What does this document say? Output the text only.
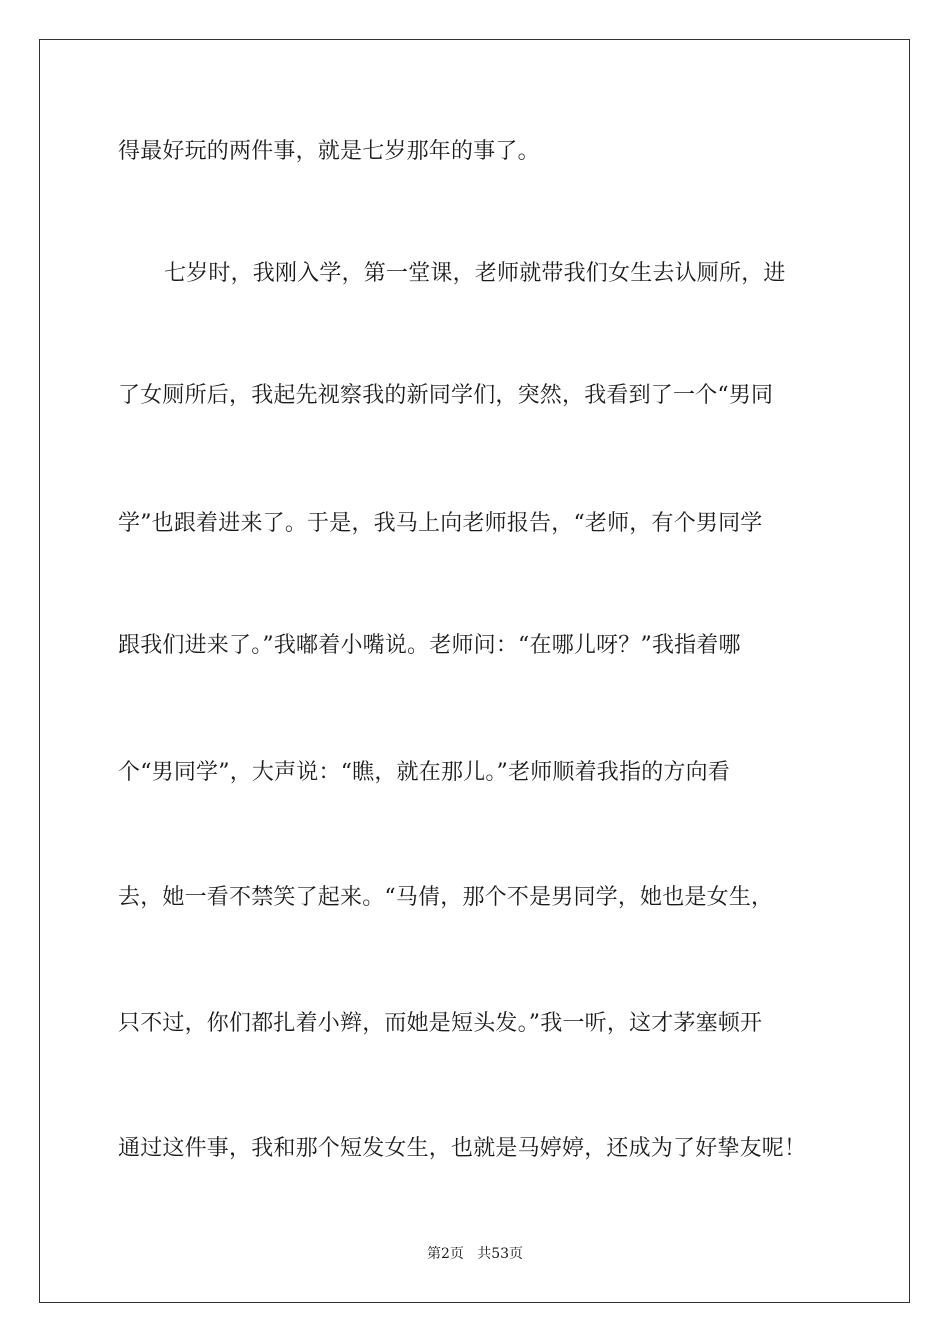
得最好玩的两件事，就是七岁那年的事了。
七岁时，我刚入学，第一堂课，老师就带我们女生去认厕所，进
了女厕所后，我起先视察我的新同学们，突然，我看到了一个“男同
学”也跟着进来了。于是，我马上向老师报告，“老师，有个男同学
跟我们进来了。”我嘟着小嘴说。老师问：“在哪儿呀？”我指着哪
个“男同学”，大声说：“瞧，就在那儿。”老师顺着我指的方向看
去，她一看不禁笑了起来。“马倩，那个不是男同学，她也是女生，
只不过，你们都扎着小辫，而她是短头发。”我一听，这才茅塞顿开
通过这件事，我和那个短发女生，也就是马婷婷，还成为了好挚友呢！
第2页   共53页
